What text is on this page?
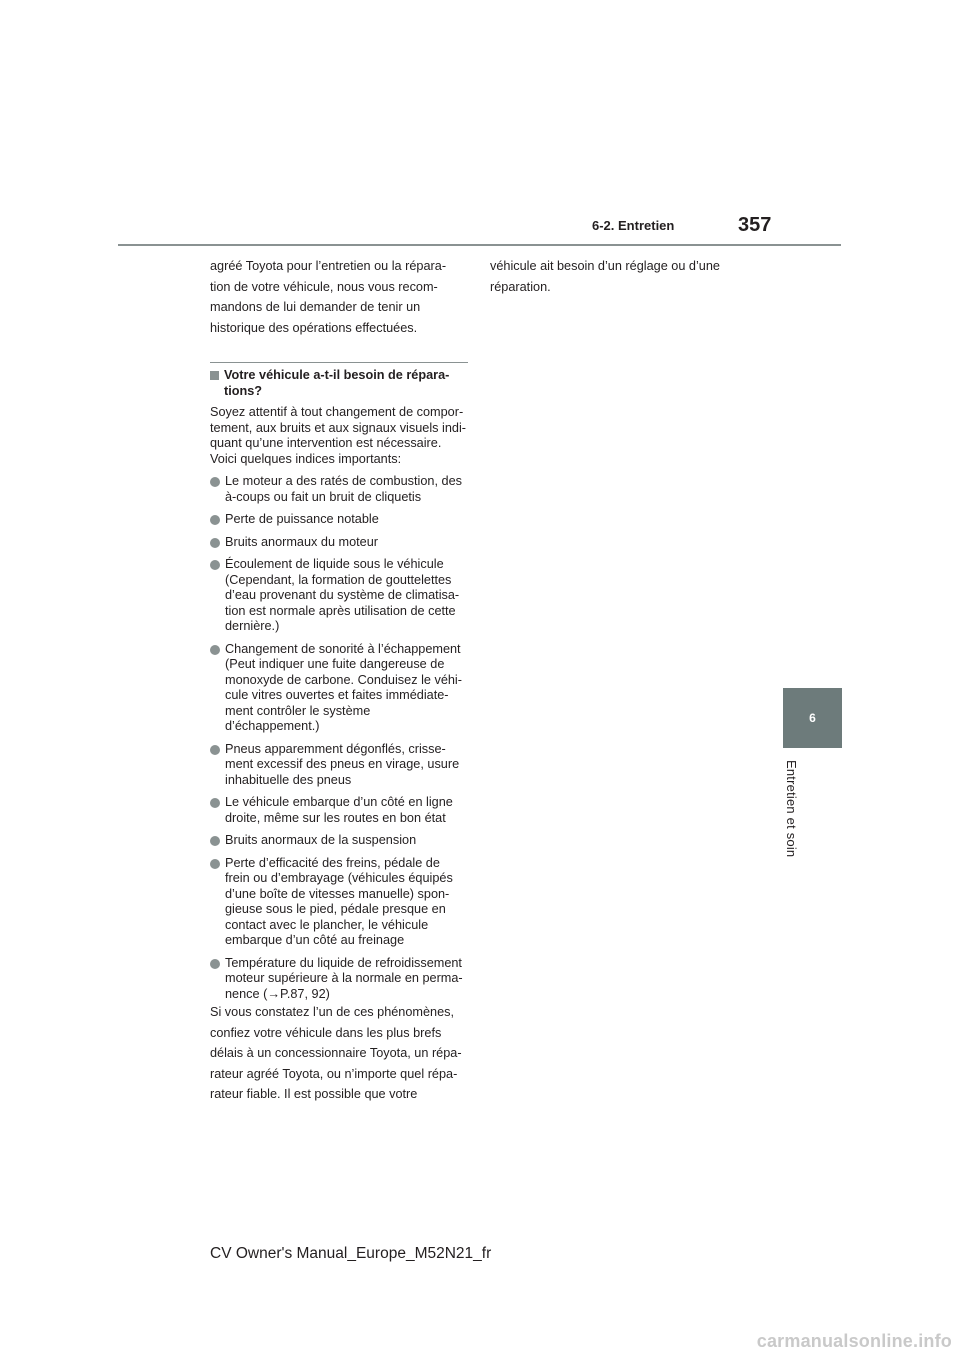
6-2. Entretien	357
6
Entretien et soin
agréé Toyota pour l’entretien ou la répara-
tion de votre véhicule, nous vous recom-
mandons de lui demander de tenir un
historique des opérations effectuées.
Votre véhicule a-t-il besoin de répara-
tions?
Soyez attentif à tout changement de compor-
tement, aux bruits et aux signaux visuels indi-
quant qu’une intervention est nécessaire.
Voici quelques indices importants:
Le moteur a des ratés de combustion, des
à-coups ou fait un bruit de cliquetis
Perte de puissance notable
Bruits anormaux du moteur
Écoulement de liquide sous le véhicule
(Cependant, la formation de gouttelettes
d’eau provenant du système de climatisa-
tion est normale après utilisation de cette
dernière.)
Changement de sonorité à l’échappement
(Peut indiquer une fuite dangereuse de
monoxyde de carbone. Conduisez le véhi-
cule vitres ouvertes et faites immédiate-
ment contrôler le système
d’échappement.)
Pneus apparemment dégonflés, crisse-
ment excessif des pneus en virage, usure
inhabituelle des pneus
Le véhicule embarque d’un côté en ligne
droite, même sur les routes en bon état
Bruits anormaux de la suspension
Perte d’efficacité des freins, pédale de
frein ou d’embrayage (véhicules équipés
d’une boîte de vitesses manuelle) spon-
gieuse sous le pied, pédale presque en
contact avec le plancher, le véhicule
embarque d’un côté au freinage
Température du liquide de refroidissement
moteur supérieure à la normale en perma-
nence (→P.87, 92)
Si vous constatez l’un de ces phénomènes,
confiez votre véhicule dans les plus brefs
délais à un concessionnaire Toyota, un répa-
rateur agréé Toyota, ou n’importe quel répa-
rateur fiable. Il est possible que votre
véhicule ait besoin d’un réglage ou d’une
réparation.
CV Owner's Manual_Europe_M52N21_fr
carmanualsonline.info
